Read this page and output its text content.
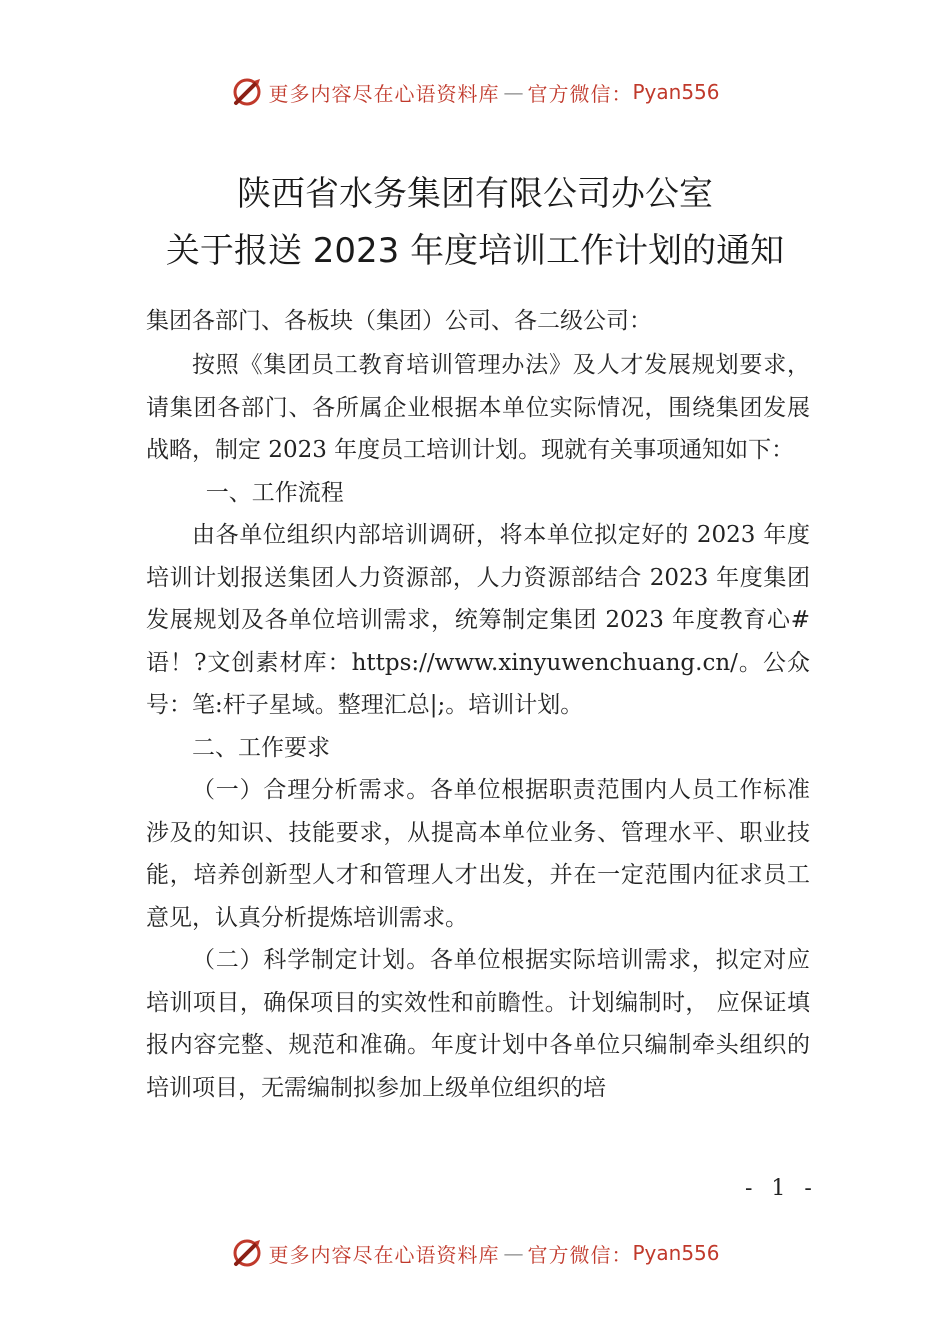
更多内容尽在心语资料库 — 官方微信： Pyan556
陕西省水务集团有限公司办公室
关于报送 2023 年度培训工作计划的通知
集团各部门、各板块（集团）公司、各二级公司：

按照《集团员工教育培训管理办法》及人才发展规划要求，请集团各部门、各所属企业根据本单位实际情况，围绕集团发展战略，制定 2023 年度员工培训计划。现就有关事项通知如下：

一、工作流程

由各单位组织内部培训调研，将本单位拟定好的 2023 年度培训计划报送集团人力资源部，人力资源部结合 2023 年度集团发展规划及各单位培训需求，统筹制定集团 2023 年度教育心#语！?文创素材库：https://www.xinyuwenchuang.cn/。公众号：笔:杆子星域。整理汇总|;。培训计划。

二、工作要求

（一）合理分析需求。各单位根据职责范围内人员工作标准涉及的知识、技能要求，从提高本单位业务、管理水平、职业技能，培养创新型人才和管理人才出发，并在一定范围内征求员工意见，认真分析提炼培训需求。

（二）科学制定计划。各单位根据实际培训需求，拟定对应培训项目，确保项目的实效性和前瞻性。计划编制时， 应保证填报内容完整、规范和准确。年度计划中各单位只编制牵头组织的培训项目，无需编制拟参加上级单位组织的培

- 1 -
更多内容尽在心语资料库 — 官方微信： Pyan556
